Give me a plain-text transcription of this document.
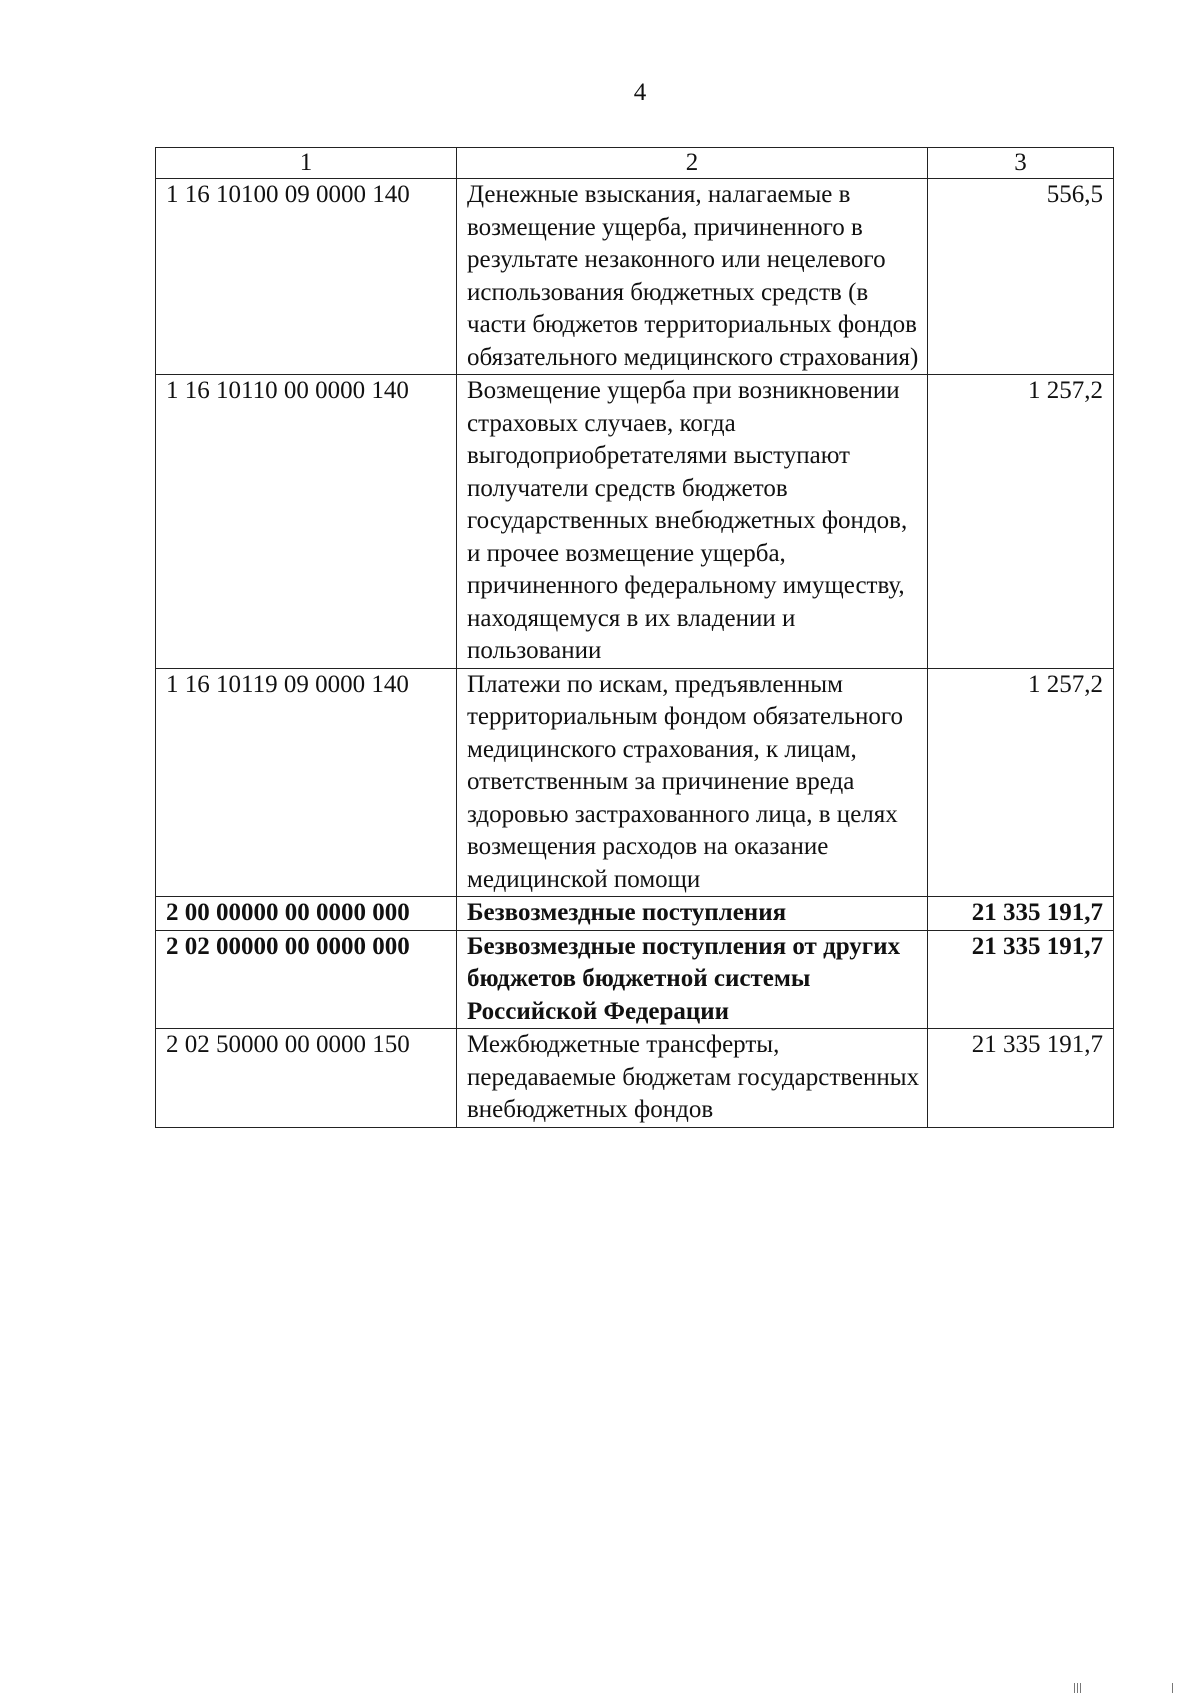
4
1	2	3
1 16 10100 09 0000 140	Денежные взыскания, налагаемые в возмещение ущерба, причиненного в результате незаконного или нецелевого использования бюджетных средств (в части бюджетов территориальных фондов обязательного медицинского страхования)	556,5
1 16 10110 00 0000 140	Возмещение ущерба при возникновении страховых случаев, когда выгодоприобретателями выступают получатели средств бюджетов государственных внебюджетных фондов, и прочее возмещение ущерба, причиненного федеральному имуществу, находящемуся в их владении и пользовании	1 257,2
1 16 10119 09 0000 140	Платежи по искам, предъявленным территориальным фондом обязательного медицинского страхования, к лицам, ответственным за причинение вреда здоровью застрахованного лица, в целях возмещения расходов на оказание медицинской помощи	1 257,2
2 00 00000 00 0000 000	Безвозмездные поступления	21 335 191,7
2 02 00000 00 0000 000	Безвозмездные поступления от других бюджетов бюджетной системы Российской Федерации	21 335 191,7
2 02 50000 00 0000 150	Межбюджетные трансферты, передаваемые бюджетам государственных внебюджетных фондов	21 335 191,7
